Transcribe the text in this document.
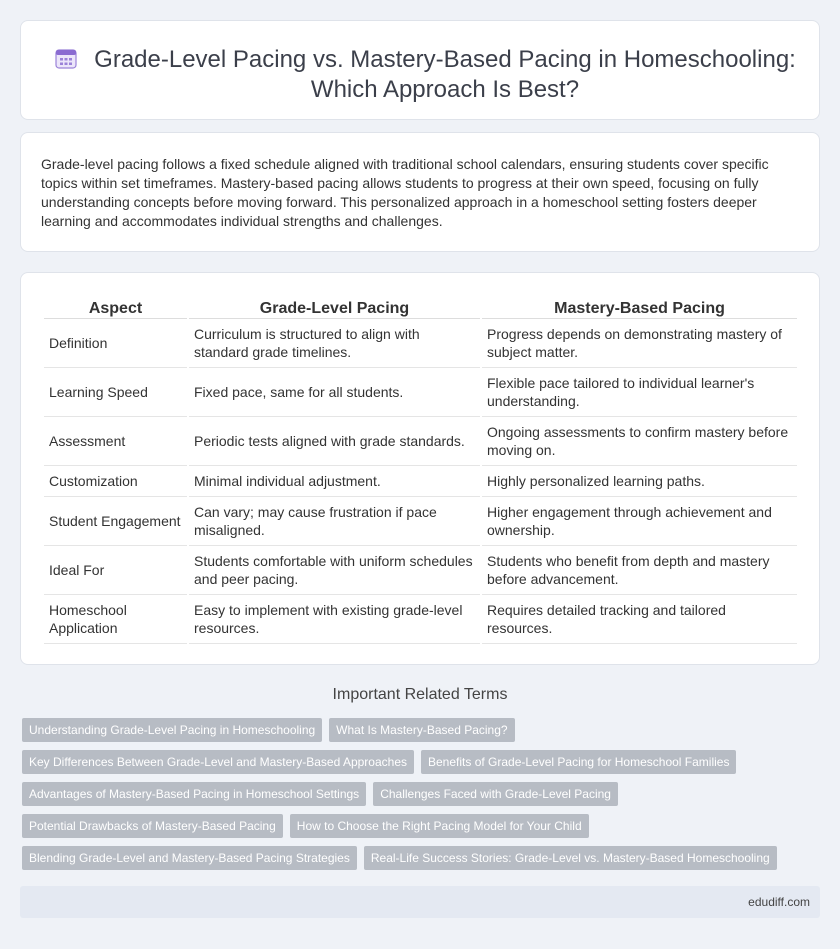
Grade-Level Pacing vs. Mastery-Based Pacing in Homeschooling: Which Approach Is Best?

Grade-level pacing follows a fixed schedule aligned with traditional school calendars, ensuring students cover specific topics within set timeframes. Mastery-based pacing allows students to progress at their own speed, focusing on fully understanding concepts before moving forward. This personalized approach in a homeschool setting fosters deeper learning and accommodates individual strengths and challenges.

Aspect	Grade-Level Pacing	Mastery-Based Pacing
Definition	Curriculum is structured to align with standard grade timelines.	Progress depends on demonstrating mastery of subject matter.
Learning Speed	Fixed pace, same for all students.	Flexible pace tailored to individual learner's understanding.
Assessment	Periodic tests aligned with grade standards.	Ongoing assessments to confirm mastery before moving on.
Customization	Minimal individual adjustment.	Highly personalized learning paths.
Student Engagement	Can vary; may cause frustration if pace misaligned.	Higher engagement through achievement and ownership.
Ideal For	Students comfortable with uniform schedules and peer pacing.	Students who benefit from depth and mastery before advancement.
Homeschool Application	Easy to implement with existing grade-level resources.	Requires detailed tracking and tailored resources.
Important Related Terms
Understanding Grade-Level Pacing in Homeschooling	What Is Mastery-Based Pacing?
Key Differences Between Grade-Level and Mastery-Based Approaches	Benefits of Grade-Level Pacing for Homeschool Families
Advantages of Mastery-Based Pacing in Homeschool Settings	Challenges Faced with Grade-Level Pacing
Potential Drawbacks of Mastery-Based Pacing	How to Choose the Right Pacing Model for Your Child
Blending Grade-Level and Mastery-Based Pacing Strategies	Real-Life Success Stories: Grade-Level vs. Mastery-Based Homeschooling
edudiff.com
